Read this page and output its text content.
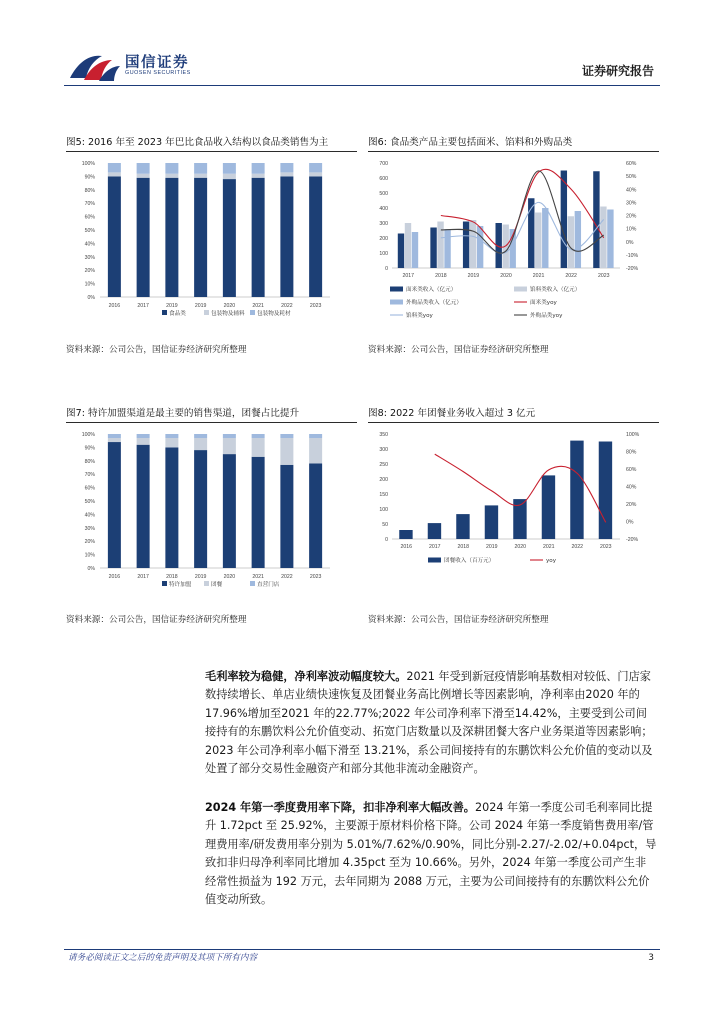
国信证券
GUOSEN SECURITIES	证券研究报告
图5: 2016 年至 2023 年巴比食品收入结构以食品类销售为主
100%
90%
80%
70%
60%
50%
40%
30%
20%
10%
0%
2016	2017	2019	2019	2020	2021	2022	2023
食品类	包装物及辅料 包装物及耗材
资料来源：公司公告，国信证券经济研究所整理
图6: 食品类产品主要包括面米、馅料和外购品类
700
600
500
400
300
200
100
0
60%
50%
40%
30%
20%
10%
0%
-10%
-20%
2017	2018	2019	2020	2021	2022	2023
面米类收入（亿元）	馅料类收入（亿元）
外购品类收入（亿元）	面米类yoy
馅料类yoy	外购品类yoy
资料来源：公司公告，国信证券经济研究所整理
图7: 特许加盟渠道是最主要的销售渠道，团餐占比提升
100%
90%
80%
70%
60%
50%
40%
30%
20%
10%
0%
2016	2017	2018	2019	2020	2021	2022	2023
特许加盟	团餐	直营门店
资料来源：公司公告，国信证券经济研究所整理
图8: 2022 年团餐业务收入超过 3 亿元
350
300
250
200
150
100
50
0
100%
80%
60%
40%
20%
0%
-20%
2016	2017	2018	2019	2020	2021	2022	2023
团餐收入（百万元）	yoy
资料来源：公司公告，国信证券经济研究所整理
毛利率较为稳健，净利率波动幅度较大。2021 年受到新冠疫情影响基数相对较低、门店家数持续增长、单店业绩快速恢复及团餐业务高比例增长等因素影响，净利率由2020 年的17.96%增加至2021 年的22.77%;2022 年公司净利率下滑至14.42%，主要受到公司间接持有的东鹏饮料公允价值变动、拓宽门店数量以及深耕团餐大客户业务渠道等因素影响；2023 年公司净利率小幅下滑至 13.21%，系公司间接持有的东鹏饮料公允价值的变动以及处置了部分交易性金融资产和部分其他非流动金融资产。
2024 年第一季度费用率下降，扣非净利率大幅改善。2024 年第一季度公司毛利率同比提升 1.72pct 至 25.92%，主要源于原材料价格下降。公司 2024 年第一季度销售费用率/管理费用率/研发费用率分别为 5.01%/7.62%/0.90%，同比分别-2.27/-2.02/+0.04pct，导致扣非归母净利率同比增加 4.35pct 至为 10.66%。另外，2024 年第一季度公司产生非经常性损益为 192 万元，去年同期为 2088 万元，主要为公司间接持有的东鹏饮料公允价值变动所致。
请务必阅读正文之后的免责声明及其项下所有内容	3
